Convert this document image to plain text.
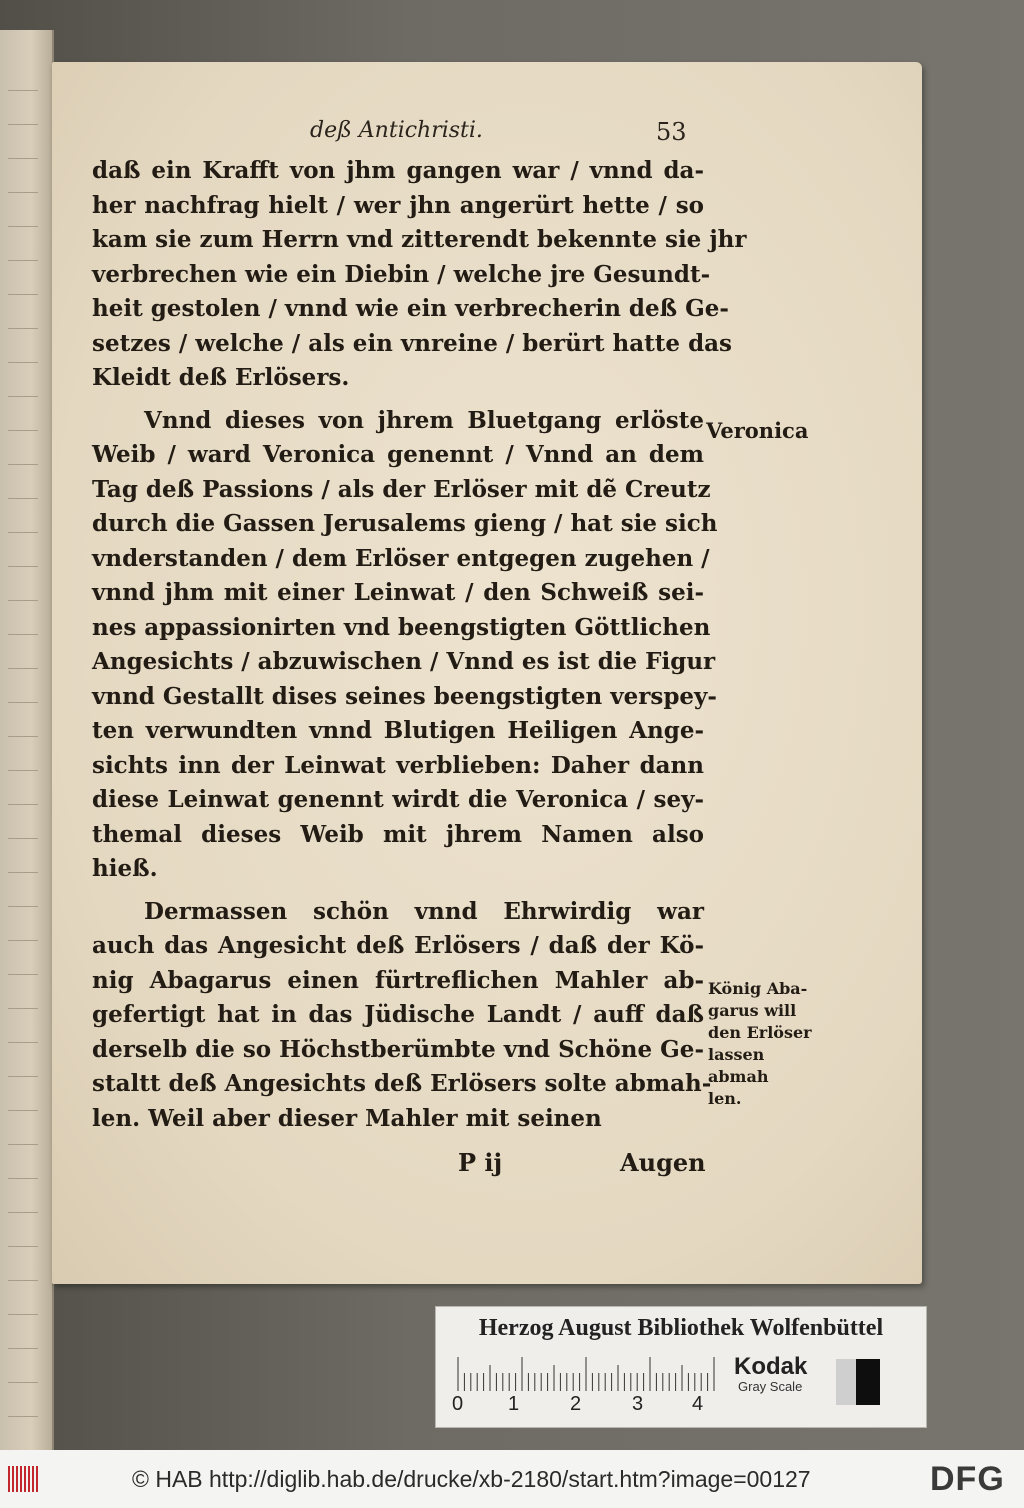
deß Antichristi.	53
daß ein Krafft von jhm gangen war / vnnd da-
her nachfrag hielt / wer jhn angerürt hette / so
kam sie zum Herrn vnd zitterendt bekennte sie jhr
verbrechen wie ein Diebin / welche jre Gesundt-
heit gestolen / vnnd wie ein verbrecherin deß Ge-
setzes / welche / als ein vnreine / berürt hatte das
Kleidt deß Erlösers.
Vnnd dieses von jhrem Bluetgang erlöste
Weib / ward Veronica genennt / Vnnd an dem
Tag deß Passions / als der Erlöser mit dẽ Creutz
durch die Gassen Jerusalems gieng / hat sie sich
vnderstanden / dem Erlöser entgegen zugehen /
vnnd jhm mit einer Leinwat / den Schweiß sei-
nes appassionirten vnd beengstigten Göttlichen
Angesichts / abzuwischen / Vnnd es ist die Figur
vnnd Gestallt dises seines beengstigten verspey-
ten verwundten vnnd Blutigen Heiligen Ange-
sichts inn der Leinwat verblieben: Daher dann
diese Leinwat genennt wirdt die Veronica / sey-
themal dieses Weib mit jhrem Namen also
hieß.
Dermassen schön vnnd Ehrwirdig war
auch das Angesicht deß Erlösers / daß der Kö-
nig Abagarus einen fürtreflichen Mahler ab-
gefertigt hat in das Jüdische Landt / auff daß
derselb die so Höchstberümbte vnd Schöne Ge-
staltt deß Angesichts deß Erlösers solte abmah-
len. Weil aber dieser Mahler mit seinen
Veronica
König Aba-
garus will
den Erlöser
lassen abmah
len.
P ij	Augen
Herzog August Bibliothek Wolfenbüttel
0 1	2	3 4
Kodak
Gray Scale
© HAB http://diglib.hab.de/drucke/xb-2180/start.htm?image=00127	DFG
